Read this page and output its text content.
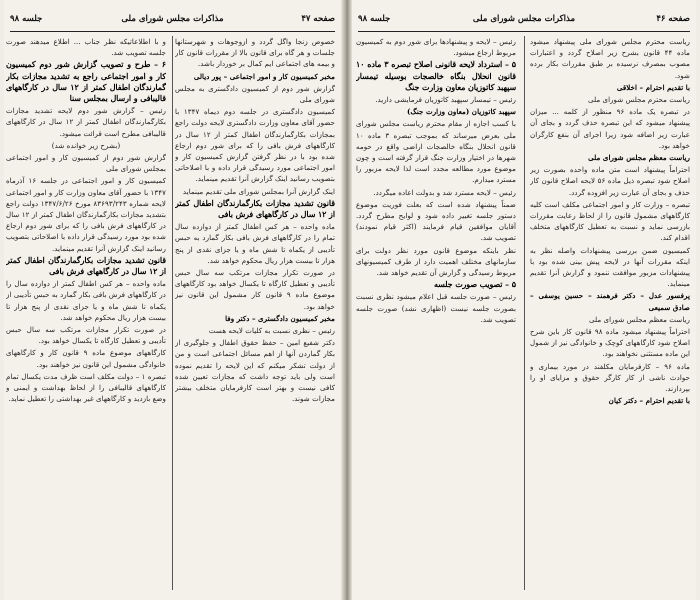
صفحه ۴۷
مذاکرات مجلس شورای ملی
جلسه ۹۸
خصوص زنجا واگل گردد و ازوجوهات و شهرستانها جلسات و هر گاه برای قانون بالا از مقررات قانون کار و بیمه های اجتماعی ایم کمال بر خوردار باشد.
مخبر کمیسیون کار و امور اجتماعی – پور دیالی
گزارش شور دوم از کمیسیون دادگستری به مجلس شورای ملی
کمیسیون دادگستری در جلسه دوم دیماه ۱۳۴۷ با حضور آقای معاون وزارت دادگستری لایحه دولت راجع بمجازات بکارگمارندگان اطفال کمتر از ۱۲ سال در کارگاههای فرش بافی را که برای شور دوم ارجاع شده بود با در نظر گرفتن گزارش کمیسیون کار و امور اجتماعی مورد رسیدگی قرار داده و با اصلاحاتی بتصویب رسانید اینک گزارش آنرا تقدیم مینماید.
اینک گزارش آنرا بمجلس شورای ملی تقدیم مینماید
قانون تشدید مجازات بکارگمارندگان اطفال کمتر از ۱۲ سال در کارگاههای فرش بافی
ماده واحده – هر کس اطفال کمتر از دوازده سال تمام را در کارگاههای فرش بافی بکار گمارد به حبس تأدیبی از یکماه تا شش ماه و یا جزای نقدی از پنج هزار تا بیست هزار ریال محکوم خواهد شد.
در صورت تکرار مجازات مرتکب سه سال حبس تأدیبی و تعطیل کارگاه تا یکسال خواهد بود کارگاههای موضوع ماده ۹ قانون کار مشمول این قانون نیز خواهد بود.
مخبر کمیسیون دادگستری – دکتر وفا
رئیس – نظری نسبت به کلیات لایحه هست
دکتر شفیع امین – حفظ حقوق اطفال و جلوگیری از بکار گماردن آنها از اهم مسائل اجتماعی است و من از دولت تشکر میکنم که این لایحه را تقدیم نموده است ولی باید توجه داشت که مجازات تعیین شده کافی نیست و بهتر است کارفرمایان متخلف بیشتر مجازات شوند.
و با اطلاعاتیکه نظر جناب ... اطلاع میدهند صورت جلسه تصویب شد.
۶ – طرح و تصویب گزارش شور دوم کمیسیون کار و امور اجتماعی راجع به تشدید مجازات بکار گمارندگان اطفال کمتر از ۱۲ سال در کارگاههای قالیبافی و ارسال بمجلس سنا
رئیس – گزارش شور دوم لایحه تشدید مجازات بکارگمارندگان اطفال کمتر از ۱۲ سال در کارگاههای قالیبافی مطرح است قرائت میشود.
(بشرح زیر خوانده شد)
گزارش شور دوم از کمیسیون کار و امور اجتماعی بمجلس شورای ملی
کمیسیون کار و امور اجتماعی در جلسه ۱۶ آذرماه ۱۳۴۷ با حضور آقای معاون وزارت کار و امور اجتماعی لایحه شماره ۸۳۶۹۳/۲۴۳ مورخ ۱۳۴۷/۶/۲۶ دولت راجع بتشدید مجازات بکارگمارندگان اطفال کمتر از ۱۲ سال در کارگاههای فرش بافی را که برای شور دوم ارجاع شده بود مورد رسیدگی قرار داده با اصلاحاتی بتصویب رسانید اینک گزارش آنرا تقدیم مینماید.
قانون تشدید مجازات بکارگمارندگان اطفال کمتر از ۱۲ سال در کارگاههای فرش بافی
ماده واحده – هر کس اطفال کمتر از دوازده سال را در کارگاههای فرش بافی بکار گمارد به حبس تأدیبی از یکماه تا شش ماه و یا جزای نقدی از پنج هزار تا بیست هزار ریال محکوم خواهد شد.
در صورت تکرار مجازات مرتکب سه سال حبس تأدیبی و تعطیل کارگاه تا یکسال خواهد بود.
کارگاههای موضوع ماده ۹ قانون کار و کارگاههای خانوادگی مشمول این قانون نیز خواهند بود.
تبصره ۱ – دولت مکلف است ظرف مدت یکسال تمام کارگاههای قالیبافی را از لحاظ بهداشت و ایمنی و وضع بازدید و کارگاههای غیر بهداشتی را تعطیل نماید.
صفحه ۴۶
مذاکرات مجلس شورای ملی
جلسه ۹۸
ریاست محترم مجلس شورای ملی پیشنهاد میشود ماده ۴۴ قانون بشرح زیر اصلاح گردد و اعتبارات مصوب بمصرف نرسیده بر طبق مقررات بکار برده شود.
با تقدیم احترام – اخلاقی
ریاست محترم مجلس شورای ملی
در تبصره یک ماده ۹۶ منظور از کلمه ... میزان پیشنهاد میشود که این تبصره حذف گردد و بجای آن عبارت زیر اضافه شود زیرا اجرای آن بنفع کارگران خواهد بود.
ریاست معظم مجلس شورای ملی
احتراماً پیشنهاد است متن ماده واحده بصورت زیر اصلاح شود تبصره ذیل ماده ۵۶ لایحه اصلاح قانون کار حذف و بجای آن عبارت زیر افزوده گردد.
تبصره – وزارت کار و امور اجتماعی مکلف است کلیه کارگاههای مشمول قانون را از لحاظ رعایت مقررات بازرسی نماید و نسبت به تعطیل کارگاههای متخلف اقدام کند.
کمیسیون ضمن بررسی پیشنهادات واصله نظر به اینکه مقررات آنها در لایحه پیش بینی شده بود با پیشنهادات مزبور موافقت ننمود و گزارش آنرا تقدیم مینماید.
پرفسور عدل – دکتر فرهمند – حسین یوسفی – صادق سمیعی
ریاست معظم مجلس شورای ملی
احتراماً پیشنهاد میشود ماده ۹۸ قانون کار باین شرح اصلاح شود کارگاههای کوچک و خانوادگی نیز از شمول این ماده مستثنی نخواهند بود.
ماده ۹۶ – کارفرمایان مکلفند در مورد بیماری و حوادث ناشی از کار کارگر حقوق و مزایای او را بپردازند.
با تقدیم احترام – دکتر کیان
رئیس – لایحه و پیشنهادها برای شور دوم به کمیسیون مربوط ارجاع میشود.
۵ – استرداد لایحه قانونی اصلاح تبصره ۳ ماده ۱۰ قانون انحلال بنگاه خالصجات بوسیله تیمسار سپهبد کاتوزیان معاون وزارت جنگ
رئیس – تیمسار سپهبد کاتوزیان فرمایشی دارید.
سپهبد کاتوزیان (معاون وزارت جنگ)
با کسب اجازه از مقام محترم ریاست مجلس شورای ملی بعرض میرساند که بموجب تبصره ۳ ماده ۱۰ قانون انحلال بنگاه خالصجات اراضی واقع در حومه شهرها در اختیار وزارت جنگ قرار گرفته است و چون موضوع مورد مطالعه مجدد است لذا لایحه مزبور را مسترد میدارم.
رئیس – لایحه مسترد شد و بدولت اعاده میگردد.
ضمناً پیشنهاد شده است که بعلت فوریت موضوع دستور جلسه تغییر داده شود و لوایح مطرح گردد. آقایان موافقین قیام فرمایند (اکثر قیام نمودند) تصویب شد.
نظر باینکه موضوع قانون مورد نظر دولت برای سازمانهای مختلف اهمیت دارد از طرف کمیسیونهای مربوط رسیدگی و گزارش آن تقدیم خواهد شد.
۵ – تصویب صورت جلسه
رئیس – صورت جلسه قبل اعلام میشود نظری نسبت بصورت جلسه نیست (اظهاری نشد) صورت جلسه تصویب شد.
